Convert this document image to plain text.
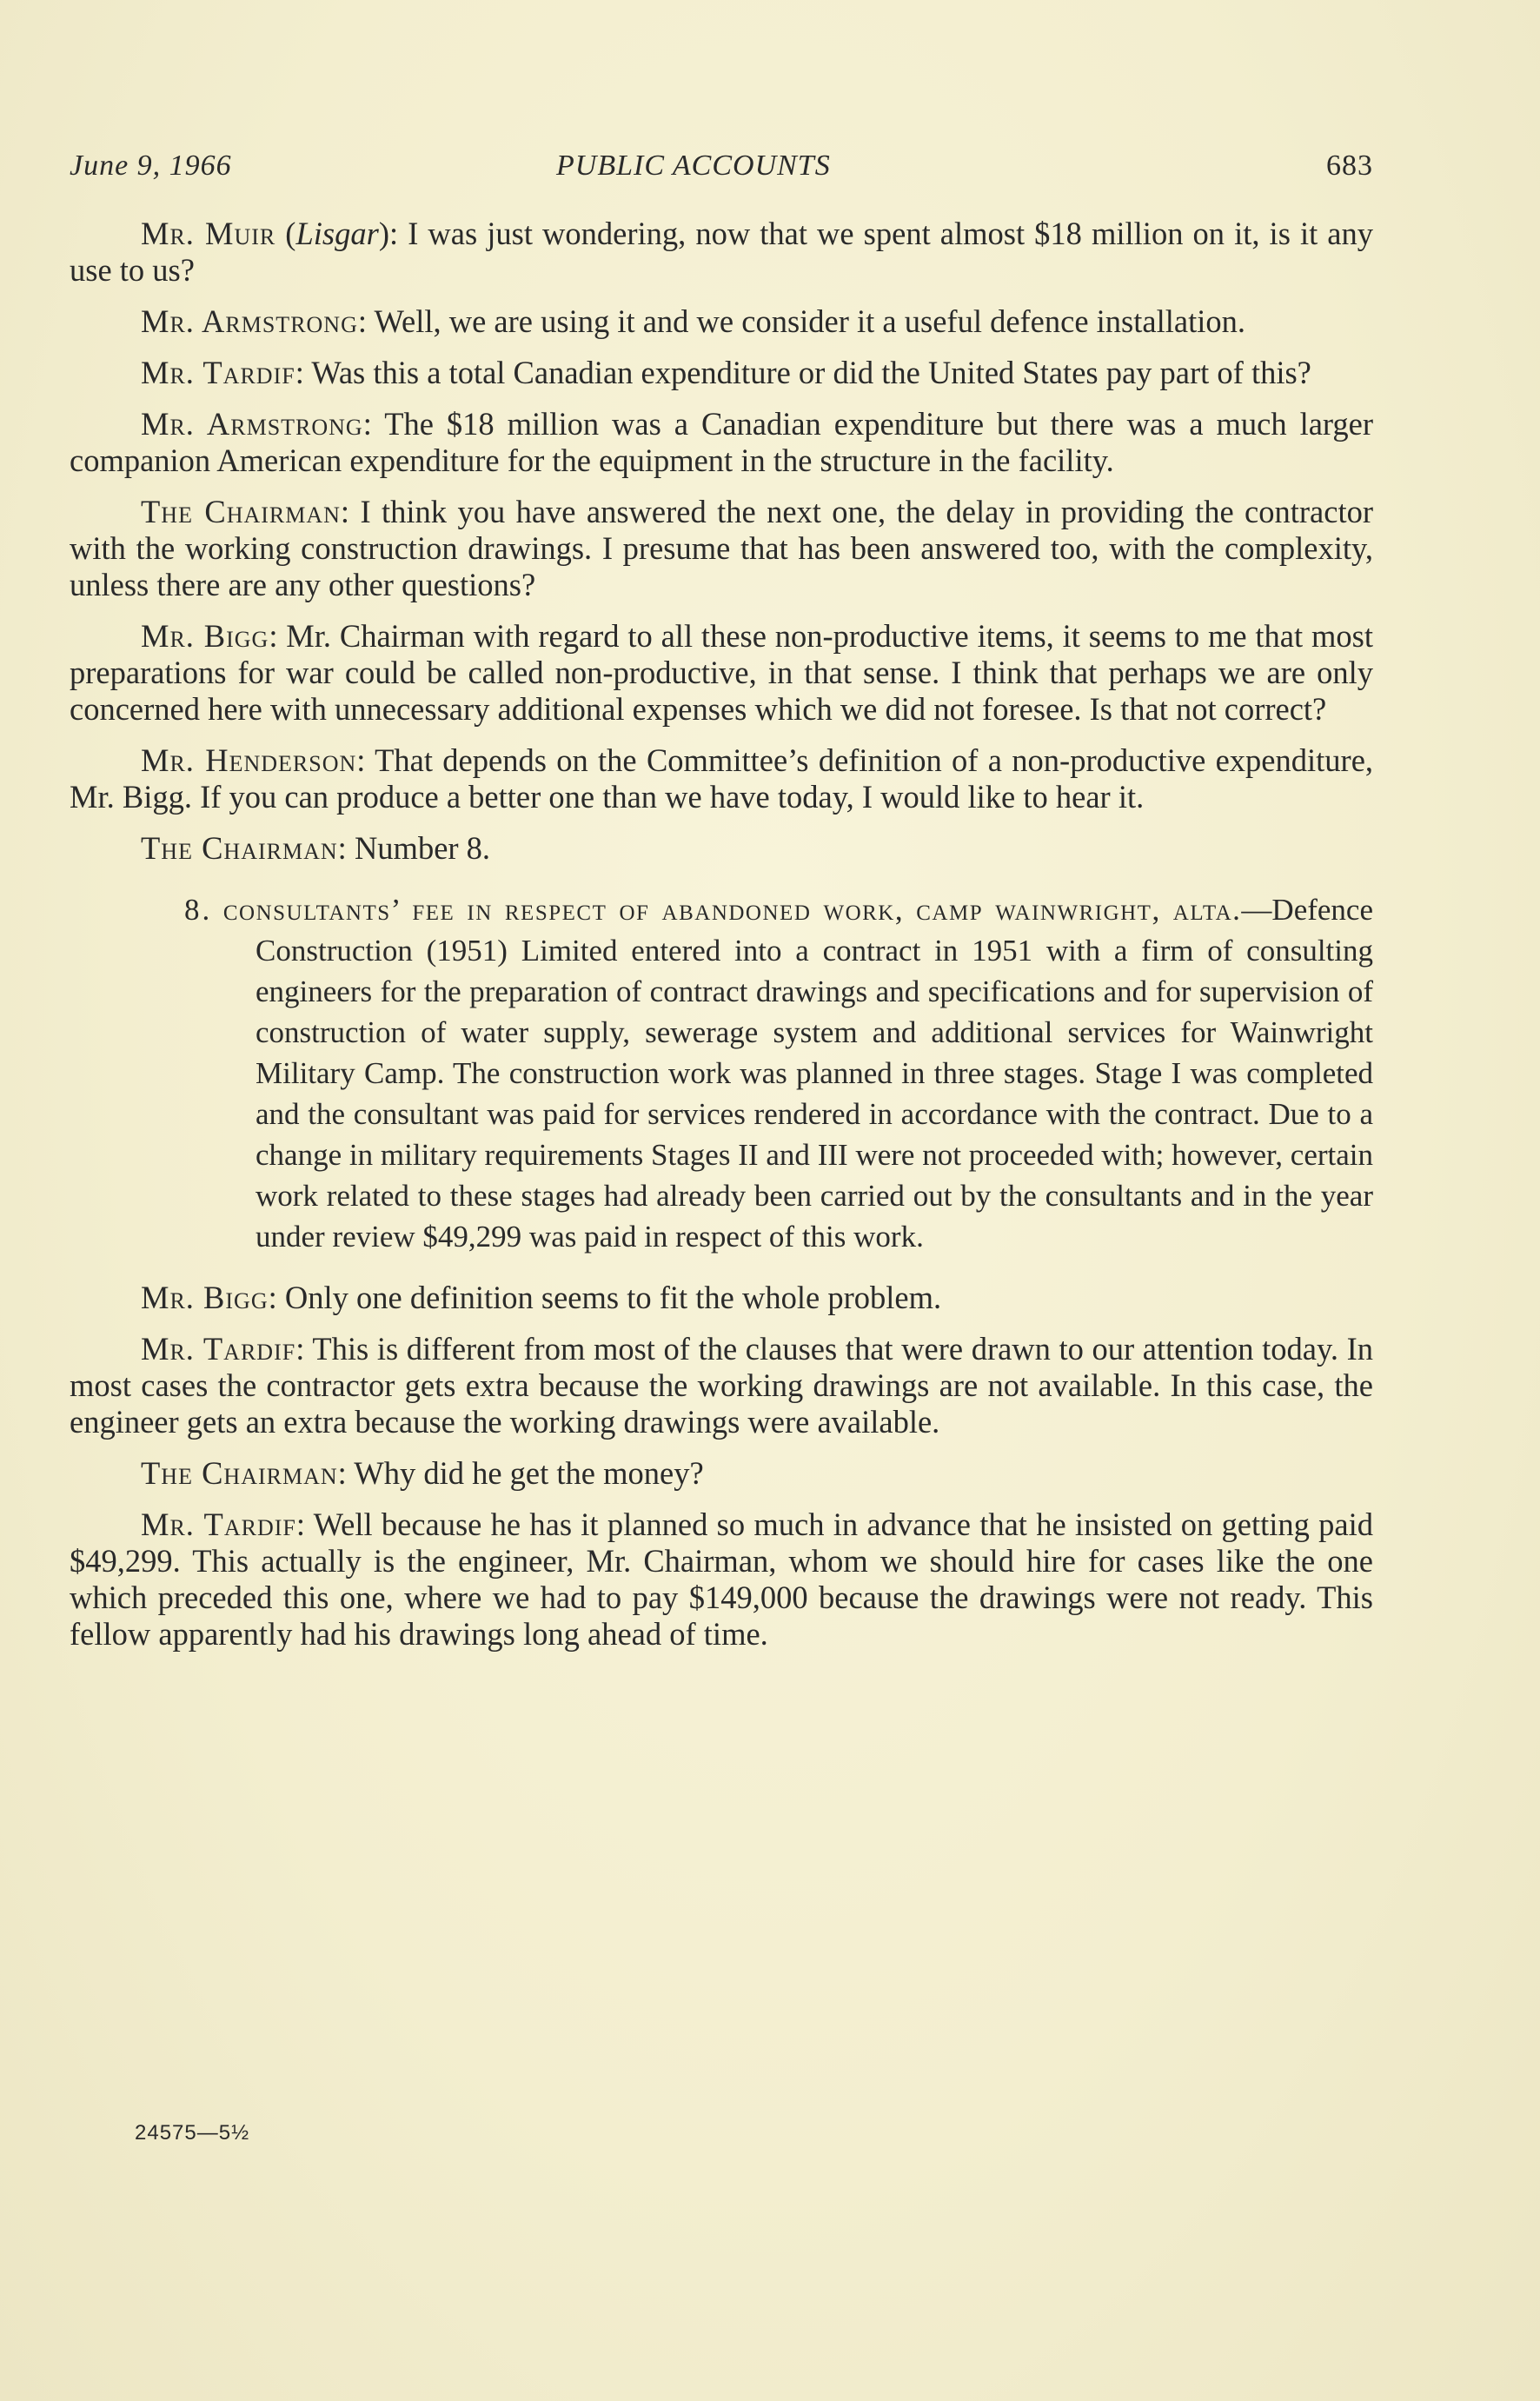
June 9, 1966	PUBLIC ACCOUNTS	683

Mr. Muir (Lisgar): I was just wondering, now that we spent almost $18 million on it, is it any use to us?

Mr. Armstrong: Well, we are using it and we consider it a useful defence installation.

Mr. Tardif: Was this a total Canadian expenditure or did the United States pay part of this?

Mr. Armstrong: The $18 million was a Canadian expenditure but there was a much larger companion American expenditure for the equipment in the structure in the facility.

The Chairman: I think you have answered the next one, the delay in providing the contractor with the working construction drawings. I presume that has been answered too, with the complexity, unless there are any other questions?

Mr. Bigg: Mr. Chairman with regard to all these non-productive items, it seems to me that most preparations for war could be called non-productive, in that sense. I think that perhaps we are only concerned here with unnecessary additional expenses which we did not foresee. Is that not correct?

Mr. Henderson: That depends on the Committee’s definition of a non-productive expenditure, Mr. Bigg. If you can produce a better one than we have today, I would like to hear it.

The Chairman: Number 8.

8. consultants’ fee in respect of abandoned work, camp wainwright, alta.—Defence Construction (1951) Limited entered into a contract in 1951 with a firm of consulting engineers for the preparation of contract drawings and specifications and for supervision of construction of water supply, sewerage system and additional services for Wainwright Military Camp. The construction work was planned in three stages. Stage I was completed and the consultant was paid for services rendered in accordance with the contract. Due to a change in military requirements Stages II and III were not proceeded with; however, certain work related to these stages had already been carried out by the consultants and in the year under review $49,299 was paid in respect of this work.

Mr. Bigg: Only one definition seems to fit the whole problem.

Mr. Tardif: This is different from most of the clauses that were drawn to our attention today. In most cases the contractor gets extra because the working drawings are not available. In this case, the engineer gets an extra because the working drawings were available.

The Chairman: Why did he get the money?

Mr. Tardif: Well because he has it planned so much in advance that he insisted on getting paid $49,299. This actually is the engineer, Mr. Chairman, whom we should hire for cases like the one which preceded this one, where we had to pay $149,000 because the drawings were not ready. This fellow apparently had his drawings long ahead of time.

24575—5½
